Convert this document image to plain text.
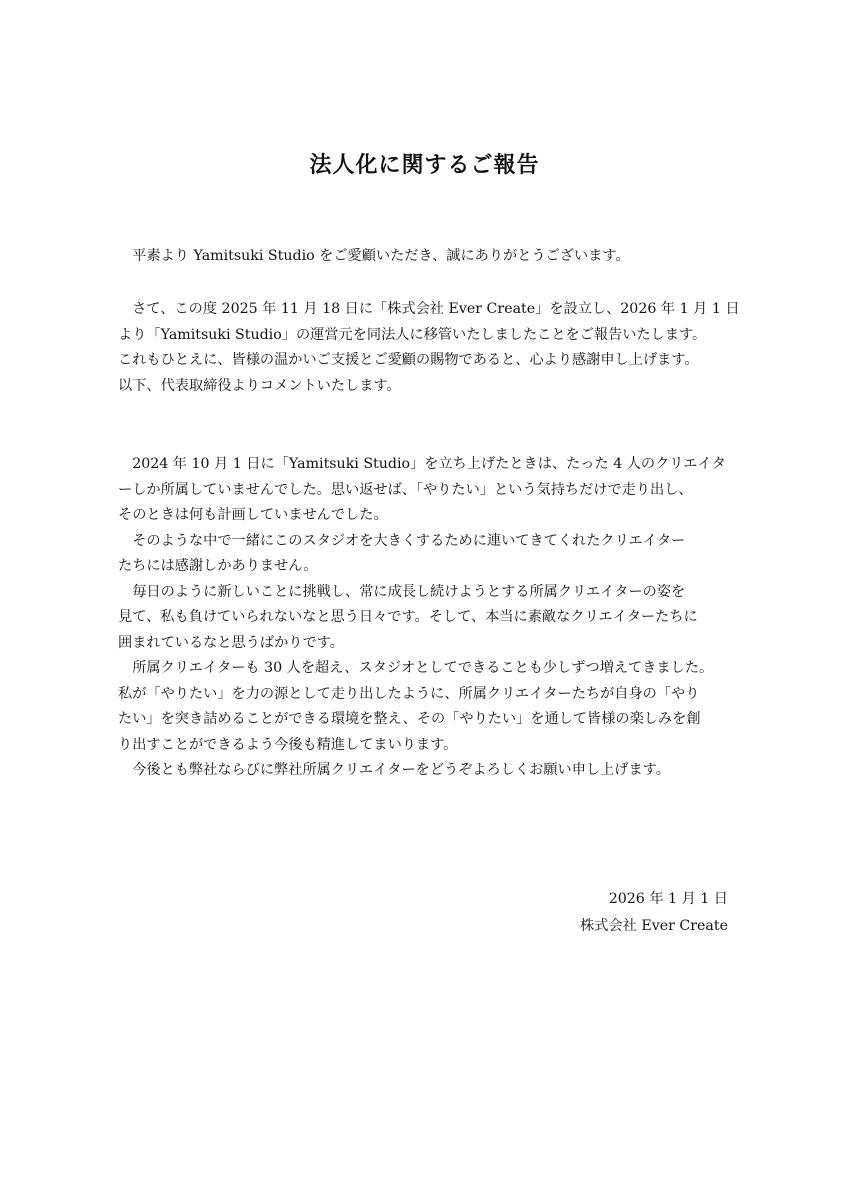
法人化に関するご報告
平素より Yamitsuki Studio をご愛顧いただき、誠にありがとうございます。
さて、この度 2025 年 11 月 18 日に「株式会社 Ever Create」を設立し、2026 年 1 月 1 日
より「Yamitsuki Studio」の運営元を同法人に移管いたしましたことをご報告いたします。
これもひとえに、皆様の温かいご支援とご愛顧の賜物であると、心より感謝申し上げます。
以下、代表取締役よりコメントいたします。
2024 年 10 月 1 日に「Yamitsuki Studio」を立ち上げたときは、たった 4 人のクリエイタ
ーしか所属していませんでした。思い返せば、「やりたい」という気持ちだけで走り出し、
そのときは何も計画していませんでした。
そのような中で一緒にこのスタジオを大きくするために連いてきてくれたクリエイター
たちには感謝しかありません。
毎日のように新しいことに挑戦し、常に成長し続けようとする所属クリエイターの姿を
見て、私も負けていられないなと思う日々です。そして、本当に素敵なクリエイターたちに
囲まれているなと思うばかりです。
所属クリエイターも 30 人を超え、スタジオとしてできることも少しずつ増えてきました。
私が「やりたい」を力の源として走り出したように、所属クリエイターたちが自身の「やり
たい」を突き詰めることができる環境を整え、その「やりたい」を通して皆様の楽しみを創
り出すことができるよう今後も精進してまいります。
今後とも弊社ならびに弊社所属クリエイターをどうぞよろしくお願い申し上げます。
2026 年 1 月 1 日
株式会社 Ever Create
